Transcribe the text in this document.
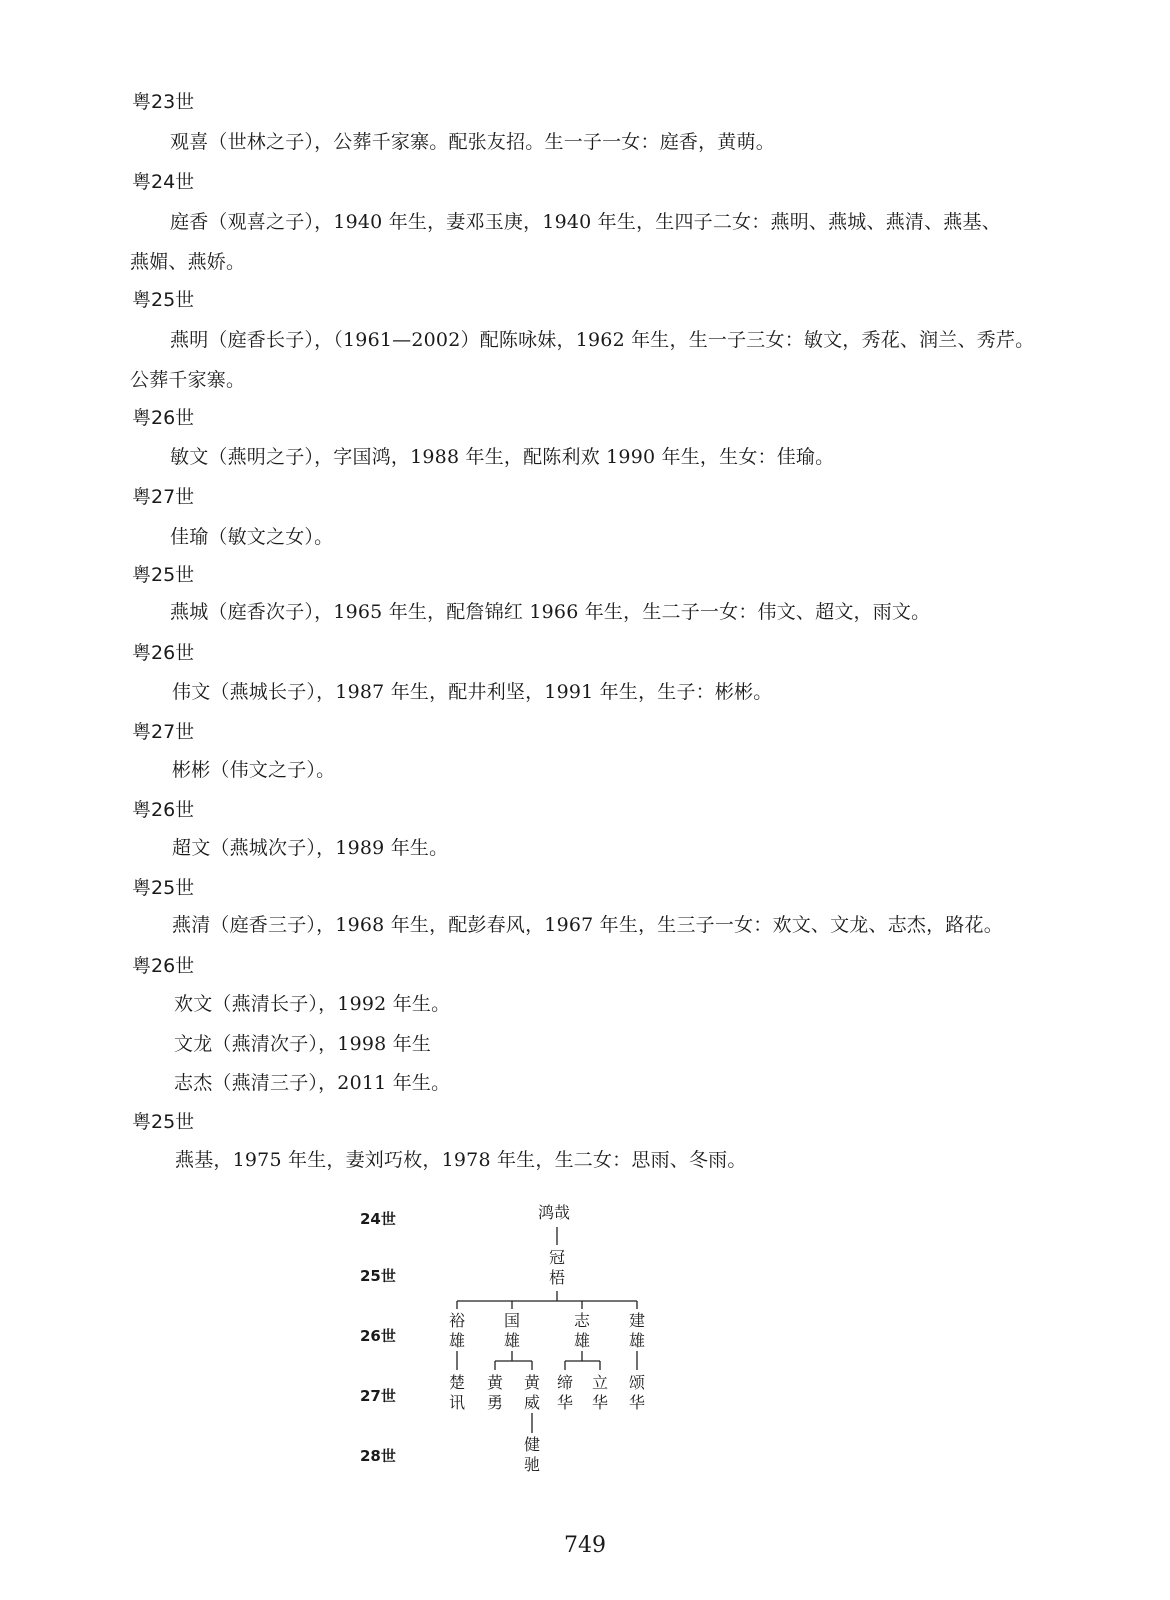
粤23世
观喜（世林之子），公葬千家寨。配张友招。生一子一女：庭香，黄萌。
粤24世
庭香（观喜之子），1940 年生，妻邓玉庚，1940 年生，生四子二女：燕明、燕城、燕清、燕基、
燕媚、燕娇。
粤25世
燕明（庭香长子），（1961—2002）配陈咏妹，1962 年生，生一子三女：敏文，秀花、润兰、秀芹。
公葬千家寨。
粤26世
敏文（燕明之子），字国鸿，1988 年生，配陈利欢 1990 年生，生女：佳瑜。
粤27世
佳瑜（敏文之女）。
粤25世
燕城（庭香次子），1965 年生，配詹锦红 1966 年生，生二子一女：伟文、超文，雨文。
粤26世
伟文（燕城长子），1987 年生，配井利坚，1991 年生，生子：彬彬。
粤27世
彬彬（伟文之子）。
粤26世
超文（燕城次子），1989 年生。
粤25世
燕清（庭香三子），1968 年生，配彭春风，1967 年生，生三子一女：欢文、文龙、志杰，路花。
粤26世
欢文（燕清长子），1992 年生。
文龙（燕清次子），1998 年生
志杰（燕清三子），2011 年生。
粤25世
燕基，1975 年生，妻刘巧枚，1978 年生，生二女：思雨、冬雨。
24世
25世
26世
27世
28世
鸿哉
冠梧
裕雄
国雄
志雄
建雄
楚讯
黄勇
黄威
缔华
立华
颂华
健驰
749
